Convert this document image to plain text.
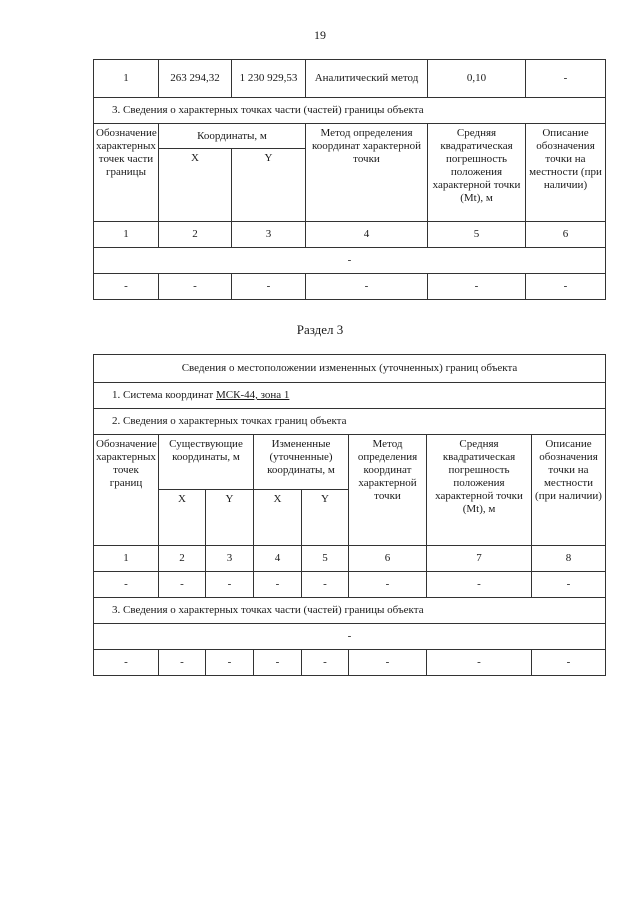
19
1	263 294,32	1 230 929,53	Аналитический метод	0,10	-
3. Сведения о характерных точках части (частей) границы объекта					
Обозначение характерных точек части границы	Координаты, м		Метод определения координат характерной точки	Средняя квадратическая погрешность положения характерной точки (Mt), м	Описание обозначения точки на местности (при наличии)
	X	Y			
1	2	3	4	5	6
-					
-	-	-	-	-	-
Раздел 3
Сведения о местоположении измененных (уточненных) границ объекта							
1. Система координат МСК-44, зона 1							
2. Сведения о характерных точках границ объекта							
Обозначение характерных точек границ	Существующие координаты, м		Измененные (уточненные) координаты, м		Метод определения координат характерной точки	Средняя квадратическая погрешность положения характерной точки (Mt), м	Описание обозначения точки на местности (при наличии)
	X	Y	X	Y			
1	2	3	4	5	6	7	8
-	-	-	-	-	-	-	-
3. Сведения о характерных точках части (частей) границы объекта							
-							
-	-	-	-	-	-	-	-
